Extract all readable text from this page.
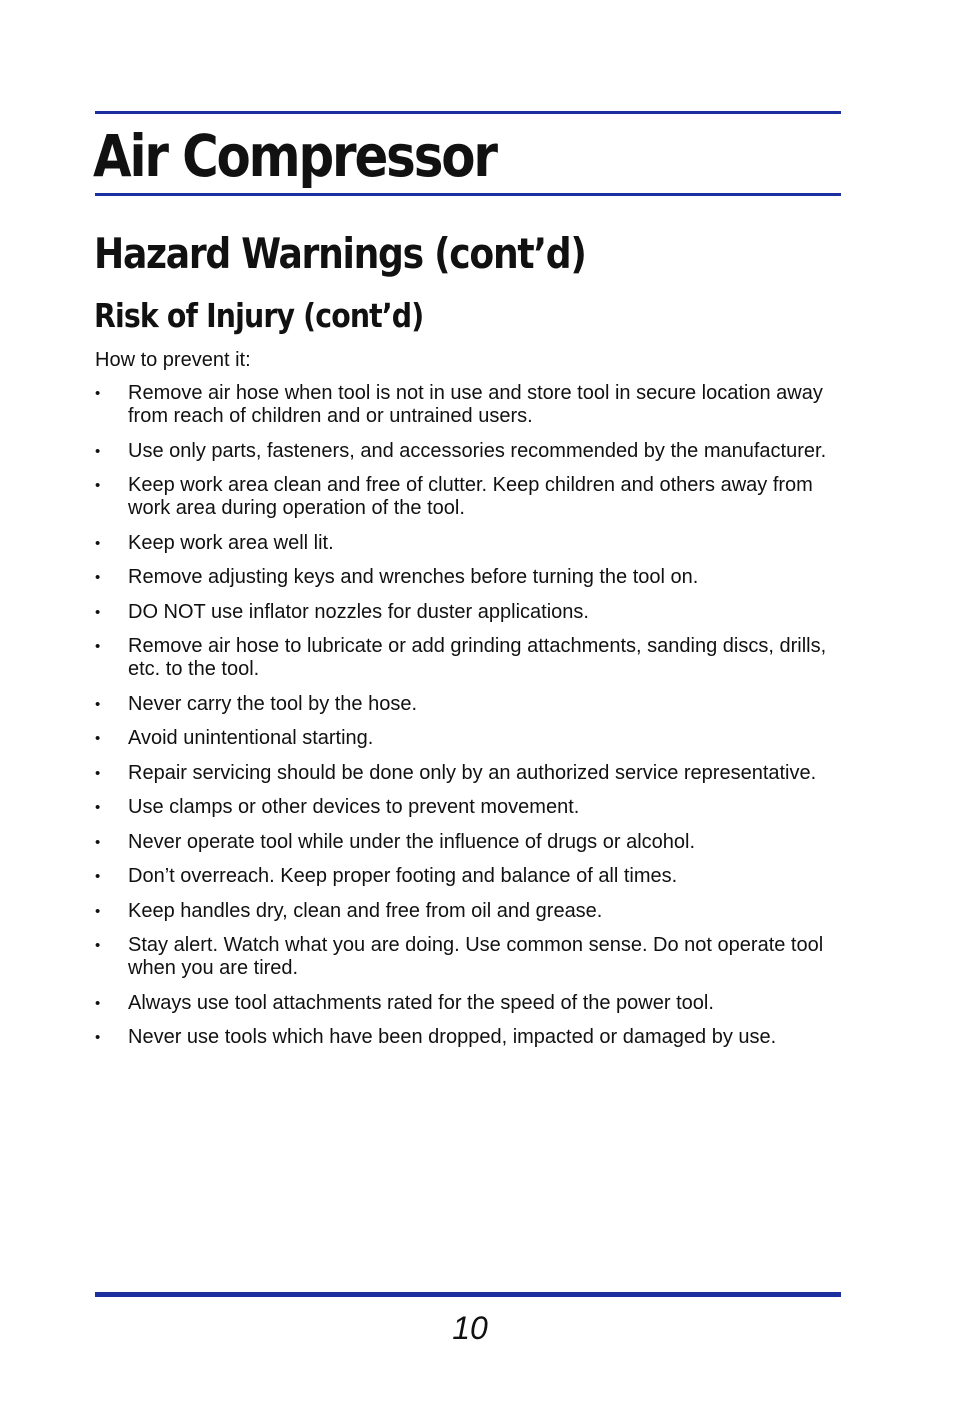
Air Compressor
Hazard Warnings (cont’d)
Risk of Injury (cont’d)
How to prevent it:
• Remove air hose when tool is not in use and store tool in secure location away from reach of children and or untrained users.
• Use only parts, fasteners, and accessories recommended by the manufacturer.
• Keep work area clean and free of clutter. Keep children and others away from work area during operation of the tool.
• Keep work area well lit.
• Remove adjusting keys and wrenches before turning the tool on.
• DO NOT use inflator nozzles for duster applications.
• Remove air hose to lubricate or add grinding attachments, sanding discs, drills, etc. to the tool.
• Never carry the tool by the hose.
• Avoid unintentional starting.
• Repair servicing should be done only by an authorized service representative.
• Use clamps or other devices to prevent movement.
• Never operate tool while under the influence of drugs or alcohol.
• Don’t overreach. Keep proper footing and balance of all times.
• Keep handles dry, clean and free from oil and grease.
• Stay alert. Watch what you are doing. Use common sense. Do not operate tool when you are tired.
• Always use tool attachments rated for the speed of the power tool.
• Never use tools which have been dropped, impacted or damaged by use.
10
